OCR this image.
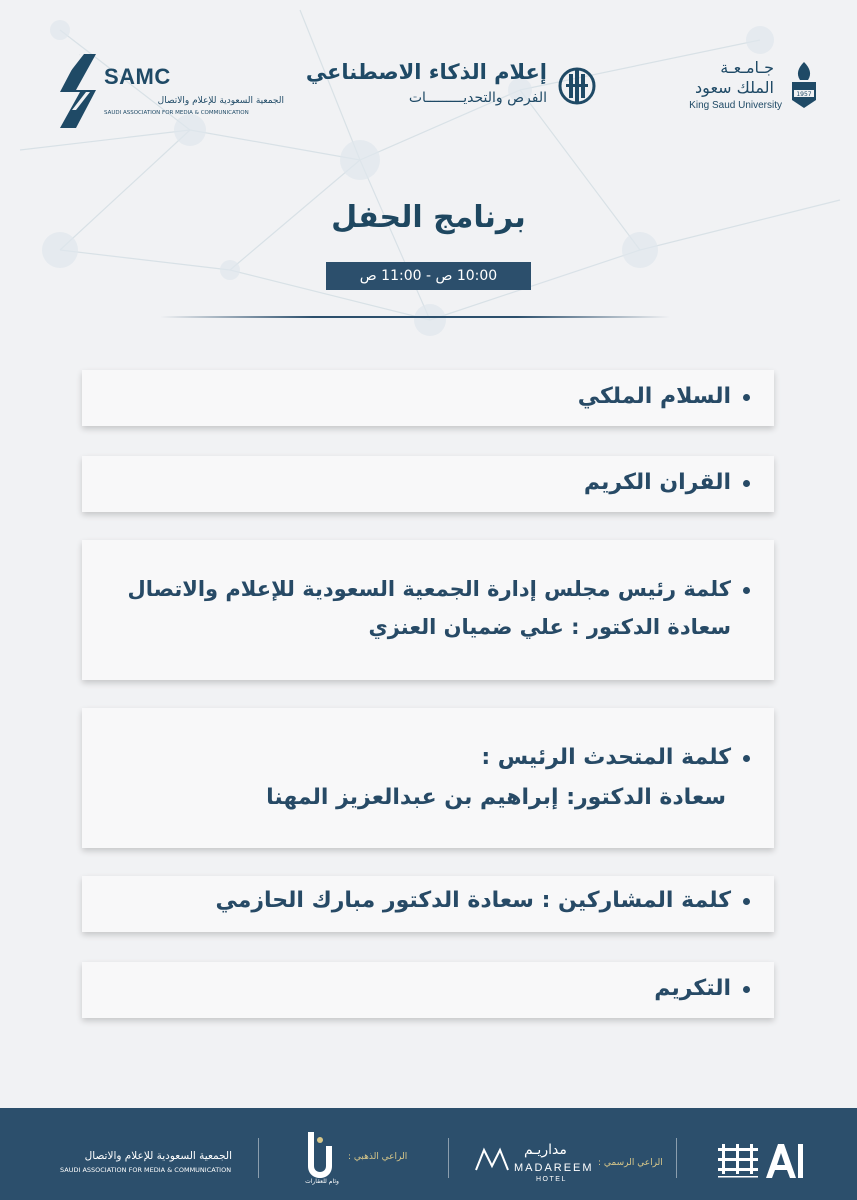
SAMC
الجمعية السعودية للإعلام والاتصال
SAUDI ASSOCIATION FOR MEDIA & COMMUNICATION
إعلام الذكاء الاصطناعي
الفرص والتحديـــــــــات
جـامـعـة
الملك سعود
King Saud University
1957
برنامج الحفل
10:00 ص - 11:00 ص
السلام الملكي
القران الكريم
كلمة رئيس مجلس إدارة الجمعية السعودية للإعلام والاتصال
سعادة الدكتور : علي ضميان العنزي
كلمة المتحدث الرئيس :
سعادة الدكتور: إبراهيم بن عبدالعزيز المهنا
كلمة المشاركين : سعادة الدكتور مبارك الحازمي
التكريم
الجمعية السعودية للإعلام والاتصال
SAUDI ASSOCIATION FOR MEDIA & COMMUNICATION
وئام للعقارات
الراعي الذهبي :	مداريـم
MADAREEM
HOTEL
الراعي الرسمي :
